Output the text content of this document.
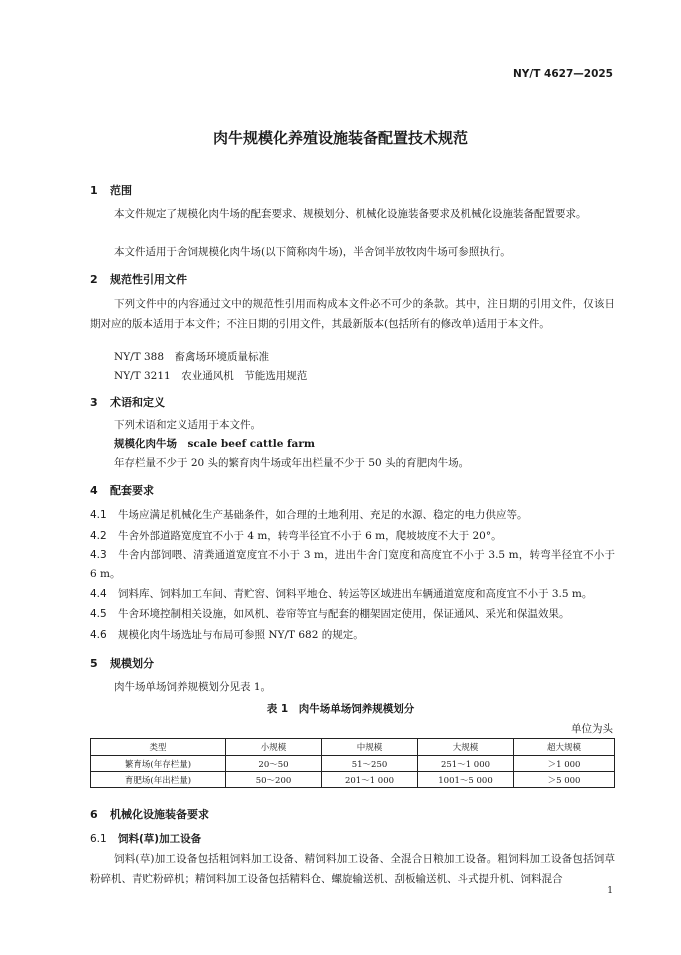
NY/T 4627—2025
肉牛规模化养殖设施装备配置技术规范
1 范围
本文件规定了规模化肉牛场的配套要求、规模划分、机械化设施装备要求及机械化设施装备配置要求。
本文件适用于舍饲规模化肉牛场(以下简称肉牛场)，半舍饲半放牧肉牛场可参照执行。
2 规范性引用文件
下列文件中的内容通过文中的规范性引用而构成本文件必不可少的条款。其中，注日期的引用文件，仅该日期对应的版本适用于本文件；不注日期的引用文件，其最新版本(包括所有的修改单)适用于本文件。
NY/T 388　畜禽场环境质量标准
NY/T 3211　农业通风机　节能选用规范
3 术语和定义
下列术语和定义适用于本文件。
规模化肉牛场　scale beef cattle farm
年存栏量不少于 20 头的繁育肉牛场或年出栏量不少于 50 头的育肥肉牛场。
4 配套要求
4.1 牛场应满足机械化生产基础条件，如合理的土地利用、充足的水源、稳定的电力供应等。
4.2 牛舍外部道路宽度宜不小于 4 m，转弯半径宜不小于 6 m，爬坡坡度不大于 20°。
4.3 牛舍内部饲喂、清粪通道宽度宜不小于 3 m，进出牛舍门宽度和高度宜不小于 3.5 m，转弯半径宜不小于 6 m。
4.4 饲料库、饲料加工车间、青贮窖、饲料平地仓、转运等区域进出车辆通道宽度和高度宜不小于 3.5 m。
4.5 牛舍环境控制相关设施，如风机、卷帘等宜与配套的棚架固定使用，保证通风、采光和保温效果。
4.6 规模化肉牛场选址与布局可参照 NY/T 682 的规定。
5 规模划分
肉牛场单场饲养规模划分见表 1。
表 1　肉牛场单场饲养规模划分
单位为头
类型	小规模	中规模	大规模	超大规模
繁育场(年存栏量)	20～50	51～250	251～1 000	＞1 000
育肥场(年出栏量)	50～200	201～1 000	1001～5 000	＞5 000
6 机械化设施装备要求
6.1 饲料(草)加工设备
饲料(草)加工设备包括粗饲料加工设备、精饲料加工设备、全混合日粮加工设备。粗饲料加工设备包括饲草粉碎机、青贮粉碎机；精饲料加工设备包括精料仓、螺旋输送机、刮板输送机、斗式提升机、饲料混合
1
